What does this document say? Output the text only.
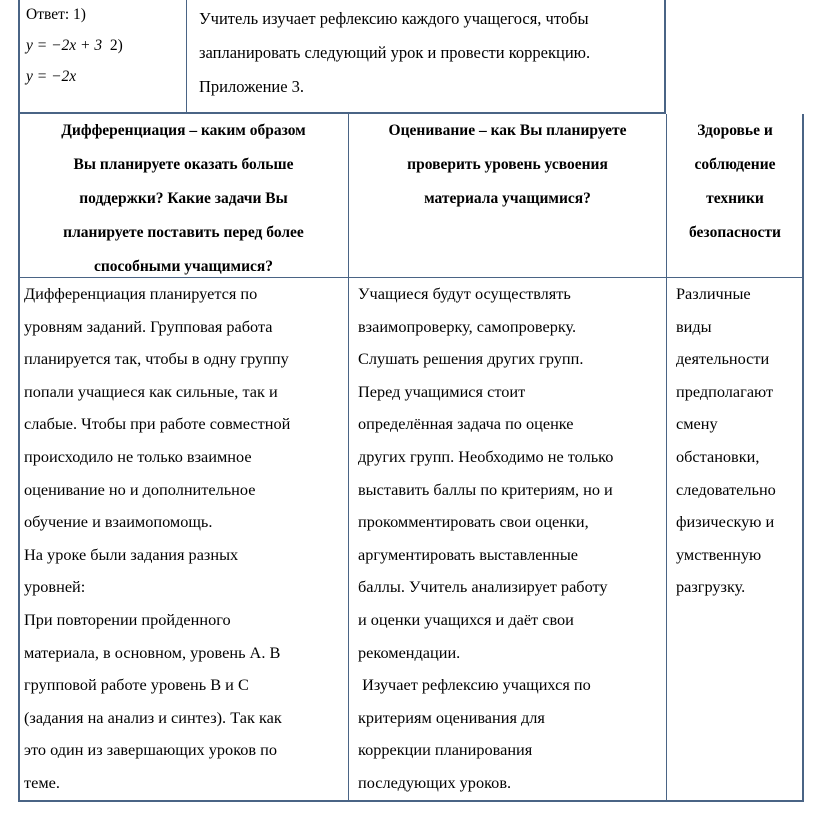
Ответ: 1)
y = −2x + 3 2)
y = −2x
Учитель изучает рефлексию каждого учащегося, чтобы
запланировать следующий урок и провести коррекцию.
Приложение 3.
Дифференциация – каким образом
Вы планируете оказать больше
поддержки? Какие задачи Вы
планируете поставить перед более
способными учащимися?
Оценивание – как Вы планируете
проверить уровень усвоения
материала учащимися?
Здоровье и
соблюдение
техники
безопасности
Дифференциация планируется по
уровням заданий. Групповая работа
планируется так, чтобы в одну группу
попали учащиеся как сильные, так и
слабые. Чтобы при работе совместной
происходило не только взаимное
оценивание но и дополнительное
обучение и взаимопомощь.
На уроке были задания разных
уровней:
При повторении пройденного
материала, в основном, уровень А. В
групповой работе уровень В и С
(задания на анализ и синтез). Так как
это один из завершающих уроков по
теме.
Учащиеся будут осуществлять
взаимопроверку, самопроверку.
Слушать решения других групп.
Перед учащимися стоит
определённая задача по оценке
других групп. Необходимо не только
выставить баллы по критериям, но и
прокомментировать свои оценки,
аргументировать выставленные
баллы. Учитель анализирует работу
и оценки учащихся и даёт свои
рекомендации.
Изучает рефлексию учащихся по
критериям оценивания для
коррекции планирования
последующих уроков.
Различные
виды
деятельности
предполагают
смену
обстановки,
следовательно
физическую и
умственную
разгрузку.
